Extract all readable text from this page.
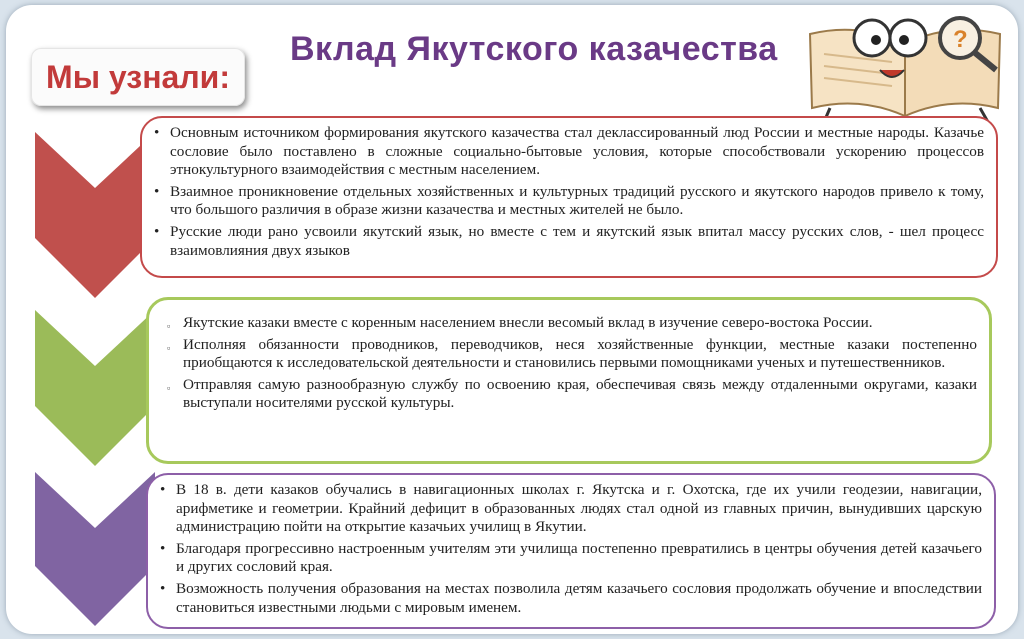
Вклад Якутского казачества
Мы узнали:
?
• Основным источником формирования якутского казачества стал деклассированный люд России и местные народы. Казачье сословие было поставлено в сложные социально-бытовые условия, которые способствовали ускорению процессов этнокультурного взаимодействия с местным населением.
• Взаимное проникновение отдельных хозяйственных и культурных традиций русского и якутского народов привело к тому, что большого различия в образе жизни казачества и местных жителей не было.
• Русские люди рано усвоили якутский язык, но вместе с тем и якутский язык впитал массу русских слов, - шел процесс взаимовлияния двух языков
▫ Якутские казаки вместе с коренным населением внесли весомый вклад в изучение северо-востока России.
▫ Исполняя обязанности проводников, переводчиков, неся хозяйственные функции, местные казаки постепенно приобщаются к исследовательской деятельности и становились первыми помощниками ученых и путешественников.
▫ Отправляя самую разнообразную службу по освоению края, обеспечивая связь между отдаленными округами, казаки выступали носителями русской культуры.
• В 18 в. дети казаков обучались в навигационных школах г. Якутска и г. Охотска, где их учили геодезии, навигации, арифметике и геометрии. Крайний дефицит в образованных людях стал одной из главных причин, вынудивших царскую администрацию пойти на открытие казачьих училищ в Якутии.
• Благодаря прогрессивно настроенным учителям эти училища постепенно превратились в центры обучения детей казачьего и других сословий края.
• Возможность получения образования на местах позволила детям казачьего сословия продолжать обучение и впоследствии становиться известными людьми с мировым именем.
